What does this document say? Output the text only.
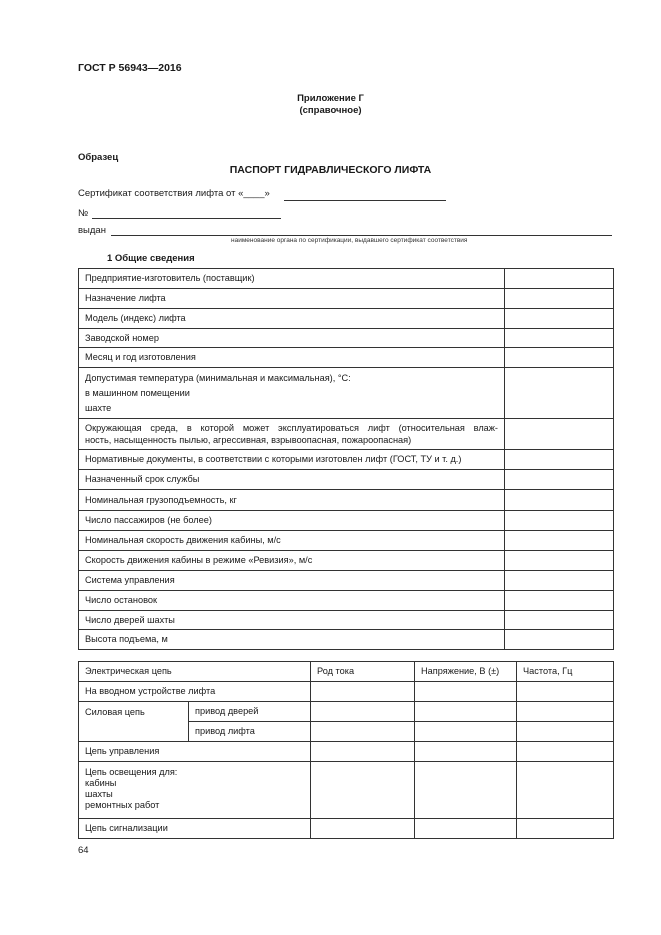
ГОСТ Р 56943—2016
Приложение Г
(справочное)
Образец
ПАСПОРТ ГИДРАВЛИЧЕСКОГО ЛИФТА
Сертификат соответствия лифта от «____»
№
выдан
наименование органа по сертификации, выдавшего сертификат соответствия
1 Общие сведения
Предприятие-изготовитель (поставщик)	
Назначение лифта	
Модель (индекс) лифта	
Заводской номер	
Месяц и год изготовления	

Допустимая температура (минимальная и максимальная), °С:
в машинном помещении
шахте	

Окружающая среда, в которой может эксплуатироваться лифт (относительная влаж-
ность, насыщенность пылью, агрессивная, взрывоопасная, пожароопасная)	

Нормативные документы, в соответствии с которыми изготовлен лифт (ГОСТ, ТУ и т. д.)	
Назначенный срок службы	
Номинальная грузоподъемность, кг	
Число пассажиров (не более)	
Номинальная скорость движения кабины, м/с	
Скорость движения кабины в режиме «Ревизия», м/с	
Система управления	
Число остановок	
Число дверей шахты	
Высота подъема, м	
Электрическая цепь		Род тока	Напряжение, В (±)	Частота, Гц
На вводном устройстве лифта				
Силовая цепь	привод дверей			
	привод лифта			
Цепь управления				

Цепь освещения для:
кабины
шахты
ремонтных работ				

Цепь сигнализации				
64
